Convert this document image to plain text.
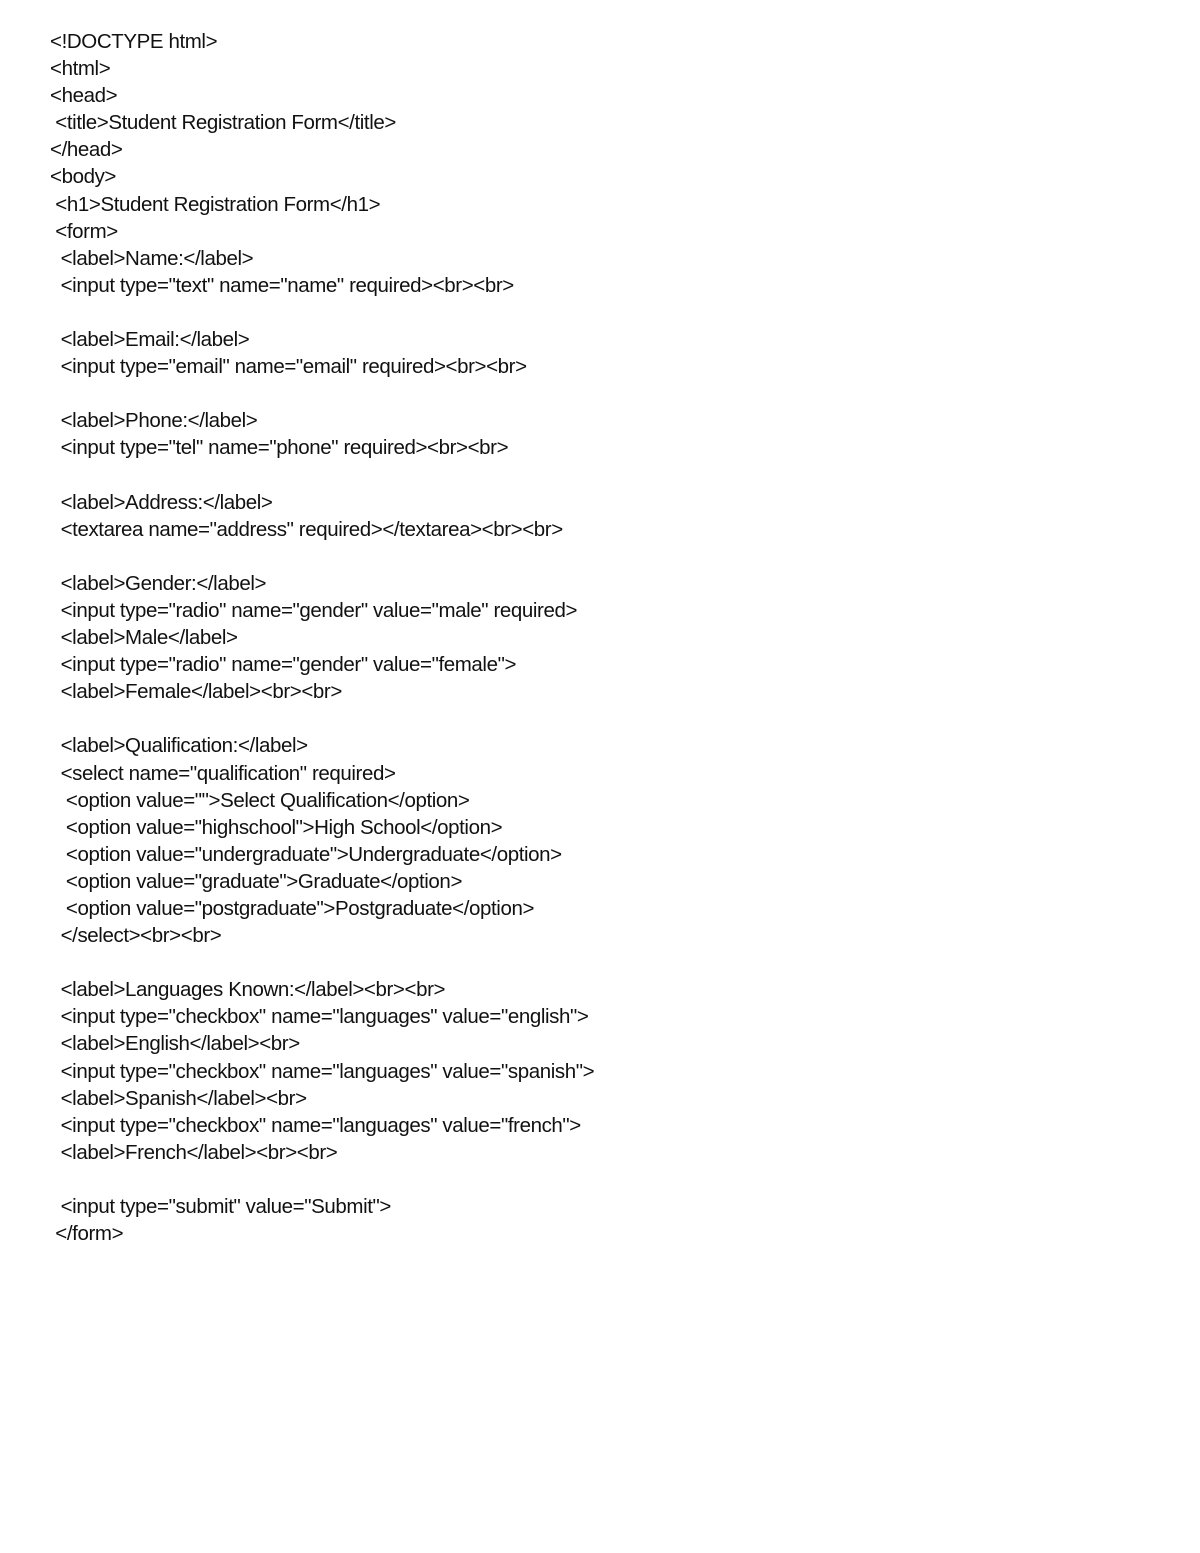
<!DOCTYPE html>
<html>
<head>
<title>Student Registration Form</title>
</head>
<body>
<h1>Student Registration Form</h1>
<form>
<label>Name:</label>
<input type="text" name="name" required><br><br>
<label>Email:</label>
<input type="email" name="email" required><br><br>
<label>Phone:</label>
<input type="tel" name="phone" required><br><br>
<label>Address:</label>
<textarea name="address" required></textarea><br><br>
<label>Gender:</label>
<input type="radio" name="gender" value="male" required>
<label>Male</label>
<input type="radio" name="gender" value="female">
<label>Female</label><br><br>
<label>Qualification:</label>
<select name="qualification" required>
<option value="">Select Qualification</option>
<option value="highschool">High School</option>
<option value="undergraduate">Undergraduate</option>
<option value="graduate">Graduate</option>
<option value="postgraduate">Postgraduate</option>
</select><br><br>
<label>Languages Known:</label><br><br>
<input type="checkbox" name="languages" value="english">
<label>English</label><br>
<input type="checkbox" name="languages" value="spanish">
<label>Spanish</label><br>
<input type="checkbox" name="languages" value="french">
<label>French</label><br><br>
<input type="submit" value="Submit">
</form>
